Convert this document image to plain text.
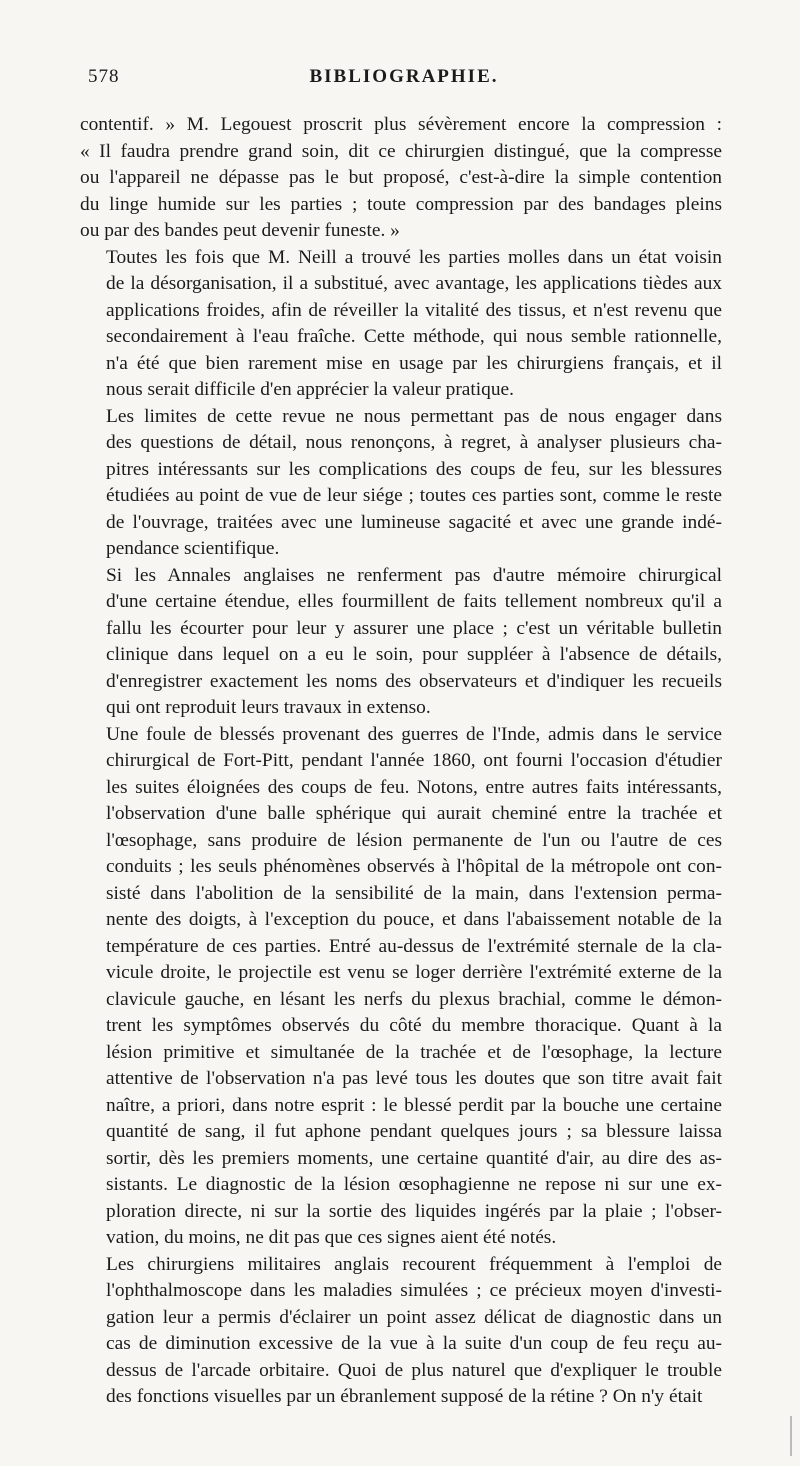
578	BIBLIOGRAPHIE.

contentif. » M. Legouest proscrit plus sévèrement encore la compression :
« Il faudra prendre grand soin, dit ce chirurgien distingué, que la compresse
ou l'appareil ne dépasse pas le but proposé, c'est-à-dire la simple contention
du linge humide sur les parties ; toute compression par des bandages pleins
ou par des bandes peut devenir funeste. »

Toutes les fois que M. Neill a trouvé les parties molles dans un état voisin
de la désorganisation, il a substitué, avec avantage, les applications tièdes aux
applications froides, afin de réveiller la vitalité des tissus, et n'est revenu que
secondairement à l'eau fraîche. Cette méthode, qui nous semble rationnelle,
n'a été que bien rarement mise en usage par les chirurgiens français, et il
nous serait difficile d'en apprécier la valeur pratique.

Les limites de cette revue ne nous permettant pas de nous engager dans
des questions de détail, nous renonçons, à regret, à analyser plusieurs cha-
pitres intéressants sur les complications des coups de feu, sur les blessures
étudiées au point de vue de leur siége ; toutes ces parties sont, comme le reste
de l'ouvrage, traitées avec une lumineuse sagacité et avec une grande indé-
pendance scientifique.

Si les Annales anglaises ne renferment pas d'autre mémoire chirurgical
d'une certaine étendue, elles fourmillent de faits tellement nombreux qu'il a
fallu les écourter pour leur y assurer une place ; c'est un véritable bulletin
clinique dans lequel on a eu le soin, pour suppléer à l'absence de détails,
d'enregistrer exactement les noms des observateurs et d'indiquer les recueils
qui ont reproduit leurs travaux in extenso.

Une foule de blessés provenant des guerres de l'Inde, admis dans le service
chirurgical de Fort-Pitt, pendant l'année 1860, ont fourni l'occasion d'étudier
les suites éloignées des coups de feu. Notons, entre autres faits intéressants,
l'observation d'une balle sphérique qui aurait cheminé entre la trachée et
l'œsophage, sans produire de lésion permanente de l'un ou l'autre de ces
conduits ; les seuls phénomènes observés à l'hôpital de la métropole ont con-
sisté dans l'abolition de la sensibilité de la main, dans l'extension perma-
nente des doigts, à l'exception du pouce, et dans l'abaissement notable de la
température de ces parties. Entré au-dessus de l'extrémité sternale de la cla-
vicule droite, le projectile est venu se loger derrière l'extrémité externe de la
clavicule gauche, en lésant les nerfs du plexus brachial, comme le démon-
trent les symptômes observés du côté du membre thoracique. Quant à la
lésion primitive et simultanée de la trachée et de l'œsophage, la lecture
attentive de l'observation n'a pas levé tous les doutes que son titre avait fait
naître, a priori, dans notre esprit : le blessé perdit par la bouche une certaine
quantité de sang, il fut aphone pendant quelques jours ; sa blessure laissa
sortir, dès les premiers moments, une certaine quantité d'air, au dire des as-
sistants. Le diagnostic de la lésion œsophagienne ne repose ni sur une ex-
ploration directe, ni sur la sortie des liquides ingérés par la plaie ; l'obser-
vation, du moins, ne dit pas que ces signes aient été notés.

Les chirurgiens militaires anglais recourent fréquemment à l'emploi de
l'ophthalmoscope dans les maladies simulées ; ce précieux moyen d'investi-
gation leur a permis d'éclairer un point assez délicat de diagnostic dans un
cas de diminution excessive de la vue à la suite d'un coup de feu reçu au-
dessus de l'arcade orbitaire. Quoi de plus naturel que d'expliquer le trouble
des fonctions visuelles par un ébranlement supposé de la rétine ? On n'y était
